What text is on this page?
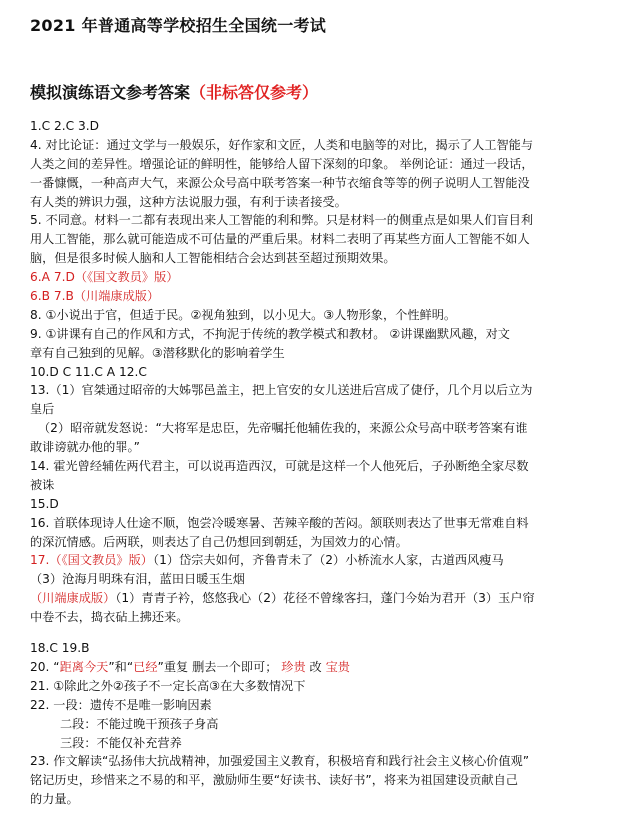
2021 年普通高等学校招生全国统一考试
模拟演练语文参考答案（非标答仅参考）
1.C 2.C 3.D
4. 对比论证：通过文学与一般娱乐，好作家和文匠，人类和电脑等的对比，揭示了人工智能与
人类之间的差异性。增强论证的鲜明性，能够给人留下深刻的印象。 举例论证：通过一段话，
一番慷慨，一种高声大气，来源公众号高中联考答案一种节衣缩食等等的例子说明人工智能没
有人类的辨识力强，这种方法说服力强，有利于读者接受。
5. 不同意。材料一二都有表现出来人工智能的利和弊。只是材料一的侧重点是如果人们盲目利
用人工智能，那么就可能造成不可估量的严重后果。材料二表明了再某些方面人工智能不如人
脑，但是很多时候人脑和人工智能相结合会达到甚至超过预期效果。
6.A 7.D（《国文教员》版）
6.B 7.B（川端康成版）
8. ①小说出于官，但适于民。②视角独到，以小见大。③人物形象，个性鲜明。
9. ①讲课有自己的作风和方式，不拘泥于传统的教学模式和教材。 ②讲课幽默风趣，对文
章有自己独到的见解。③潜移默化的影响着学生
10.D C 11.C A 12.C
13.（1）官桀通过昭帝的大姊鄂邑盖主，把上官安的女儿送进后宫成了倢伃，几个月以后立为
皇后
（2）昭帝就发怒说：“大将军是忠臣，先帝嘱托他辅佐我的，来源公众号高中联考答案有谁
敢诽谤就办他的罪。”
14. 霍光曾经辅佐两代君主，可以说再造西汉，可就是这样一个人他死后，子孙断绝全家尽数
被诛
15.D
16. 首联体现诗人仕途不顺，饱尝冷暖寒暑、苦辣辛酸的苦闷。颔联则表达了世事无常难自料
的深沉情感。后两联，则表达了自己仍想回到朝廷，为国效力的心情。
17.（《国文教员》版）（1）岱宗夫如何，齐鲁青未了（2）小桥流水人家，古道西风瘦马
（3）沧海月明珠有泪，蓝田日暖玉生烟
（川端康成版）（1）青青子衿，悠悠我心（2）花径不曾缘客扫，蓬门今始为君开（3）玉户帘
中卷不去，捣衣砧上拂还来。
18.C 19.B
20. “距离今天”和“已经”重复 删去一个即可； 珍贵 改 宝贵
21. ①除此之外②孩子不一定长高③在大多数情况下
22. 一段：遗传不是唯一影响因素
二段：不能过晚干预孩子身高
三段：不能仅补充营养
23. 作文解读“弘扬伟大抗战精神，加强爱国主义教育，积极培育和践行社会主义核心价值观”
铭记历史，珍惜来之不易的和平，激励师生要“好读书、读好书”，将来为祖国建设贡献自己
的力量。
